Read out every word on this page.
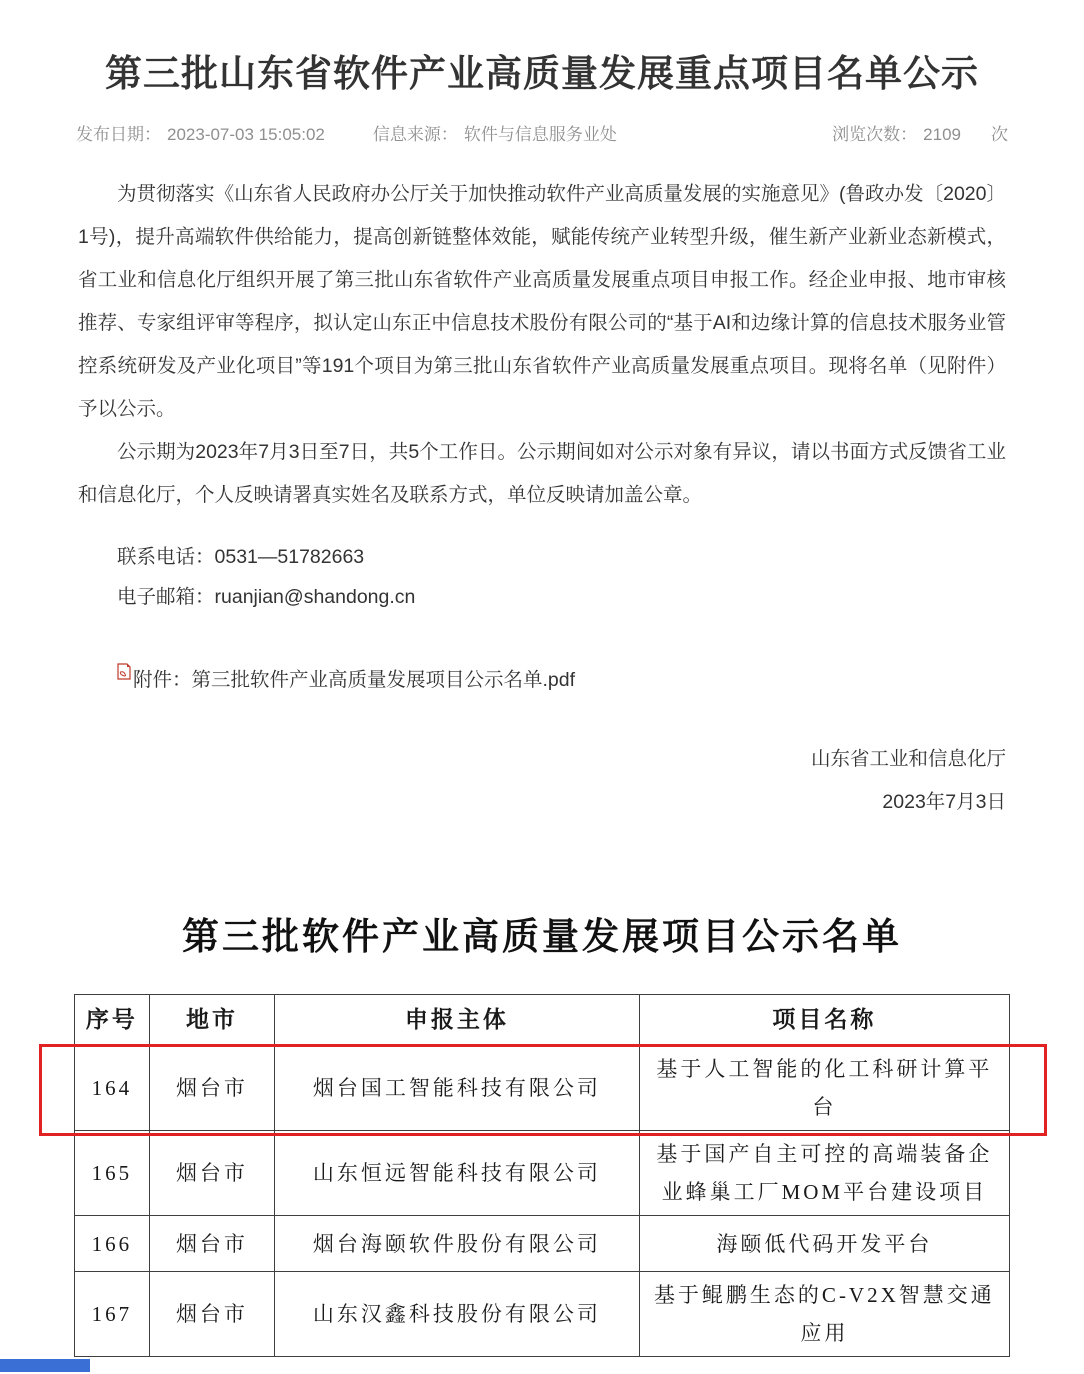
第三批山东省软件产业高质量发展重点项目名单公示
发布日期： 2023-07-03 15:05:02	信息来源： 软件与信息服务业处	浏览次数： 2109 次

为贯彻落实《山东省人民政府办公厅关于加快推动软件产业高质量发展的实施意见》(鲁政办发〔2020〕1号)，提升高端软件供给能力，提高创新链整体效能，赋能传统产业转型升级，催生新产业新业态新模式，省工业和信息化厅组织开展了第三批山东省软件产业高质量发展重点项目申报工作。经企业申报、地市审核推荐、专家组评审等程序，拟认定山东正中信息技术股份有限公司的“基于AI和边缘计算的信息技术服务业管控系统研发及产业化项目”等191个项目为第三批山东省软件产业高质量发展重点项目。现将名单（见附件）予以公示。

公示期为2023年7月3日至7日，共5个工作日。公示期间如对公示对象有异议，请以书面方式反馈省工业和信息化厅，个人反映请署真实姓名及联系方式，单位反映请加盖公章。

联系电话：0531—51782663

电子邮箱：ruanjian@shandong.cn

附件：第三批软件产业高质量发展项目公示名单.pdf
山东省工业和信息化厅
2023年7月3日
第三批软件产业高质量发展项目公示名单
序号	地市	申报主体	项目名称
164	烟台市	烟台国工智能科技有限公司	基于人工智能的化工科研计算平台
165	烟台市	山东恒远智能科技有限公司	基于国产自主可控的高端装备企业蜂巢工厂MOM平台建设项目
166	烟台市	烟台海颐软件股份有限公司	海颐低代码开发平台
167	烟台市	山东汉鑫科技股份有限公司	基于鲲鹏生态的C-V2X智慧交通应用
